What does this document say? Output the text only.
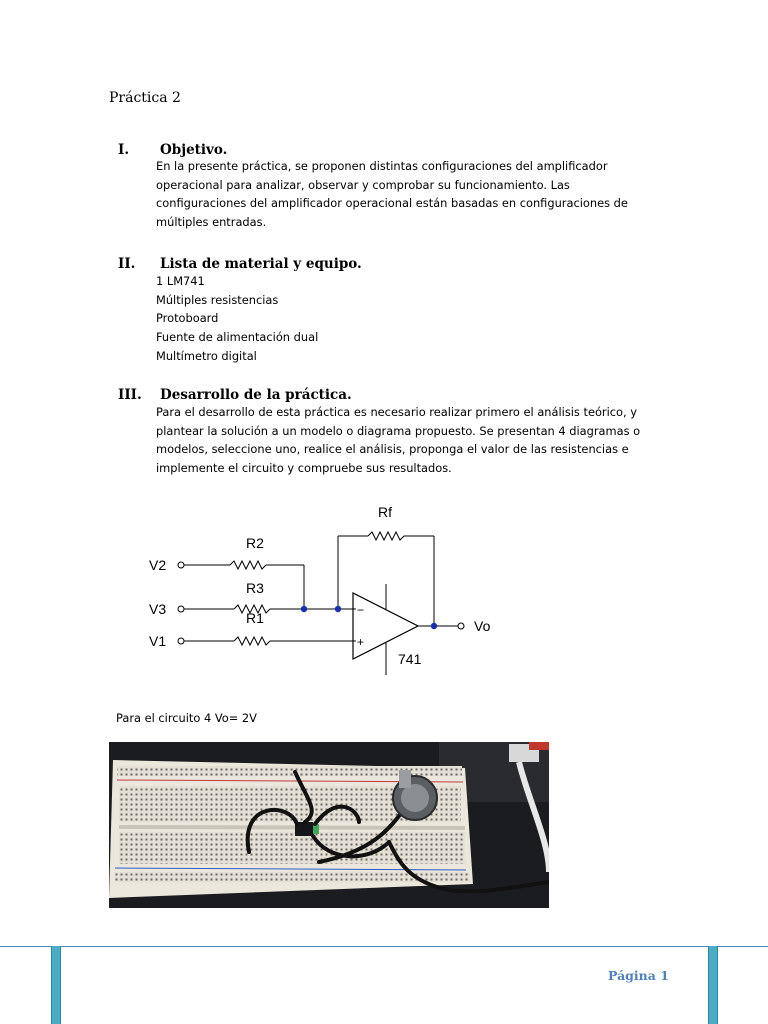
Práctica 2
I. Objetivo.

En la presente práctica, se proponen distintas configuraciones del amplificador

operacional para analizar, observar y comprobar su funcionamiento. Las

configuraciones del amplificador operacional están basadas en configuraciones de

múltiples entradas.

II. Lista de material y equipo.

1 LM741

Múltiples resistencias

Protoboard

Fuente de alimentación dual

Multímetro digital

III. Desarrollo de la práctica.

Para el desarrollo de esta práctica es necesario realizar primero el análisis teórico, y

plantear la solución a un modelo o diagrama propuesto. Se presentan 4 diagramas o

modelos, seleccione uno, realice el análisis, proponga el valor de las resistencias e

implemente el circuito y compruebe sus resultados.

V2
V3
V1
R2
R3
R1
Rf
Vo
741
−
+
Para el circuito 4 Vo= 2V
Página 1
